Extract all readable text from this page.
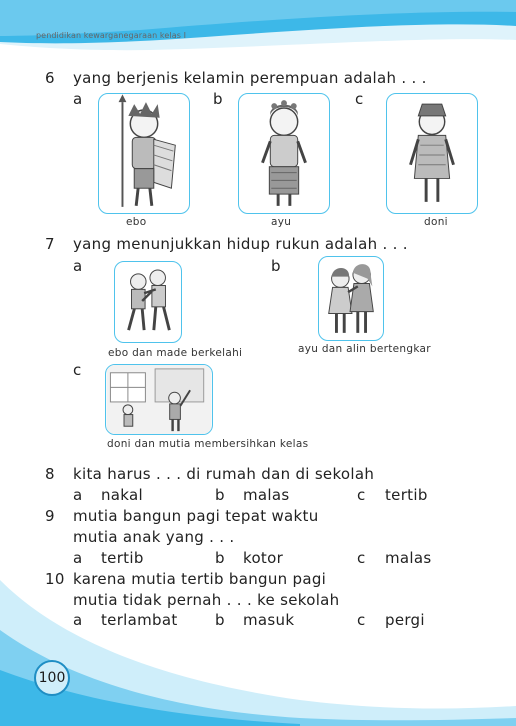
pendidikan kewarganegaraan kelas I
6 yang berjenis kelamin perempuan adalah . . .
a	b	c
ebo	ayu	doni
7 yang menunjukkan hidup rukun adalah . . .
a	b
ebo dan made berkelahi	ayu dan alin bertengkar
c
doni dan mutia membersihkan kelas
8 kita harus . . . di rumah dan di sekolah
a nakal	b malas	c tertib
9 mutia bangun pagi tepat waktu
mutia anak yang . . .
a tertib	b kotor	c malas
10 karena mutia tertib bangun pagi
mutia tidak pernah . . . ke sekolah
a terlambat b masuk	c pergi
100
